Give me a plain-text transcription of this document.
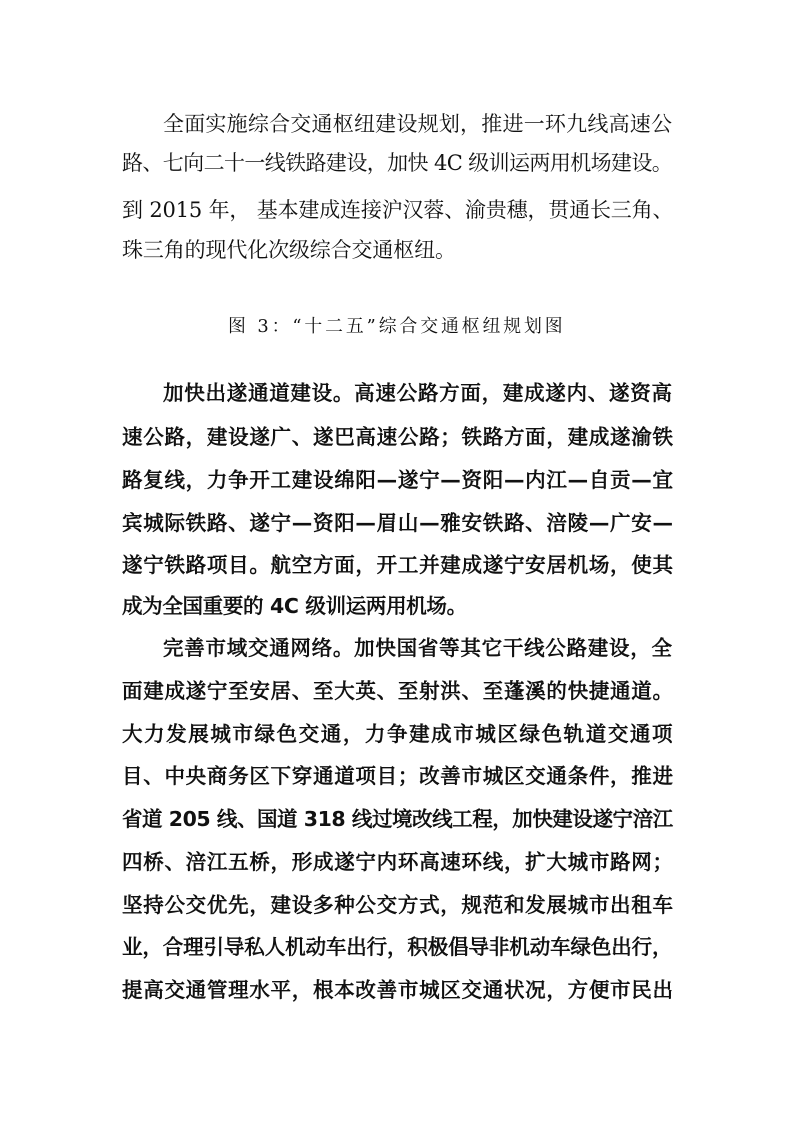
全面实施综合交通枢纽建设规划，推进一环九线高速公
路、七向二十一线铁路建设，加快 4C 级训运两用机场建设。
到 2015 年， 基本建成连接沪汉蓉、渝贵穗，贯通长三角、
珠三角的现代化次级综合交通枢纽。
图 3：“十二五”综合交通枢纽规划图
加快出遂通道建设。高速公路方面，建成遂内、遂资高
速公路，建设遂广、遂巴高速公路；铁路方面，建成遂渝铁
路复线，力争开工建设绵阳—遂宁—资阳—内江—自贡—宜
宾城际铁路、遂宁—资阳—眉山—雅安铁路、涪陵—广安—
遂宁铁路项目。航空方面，开工并建成遂宁安居机场，使其
成为全国重要的 4C 级训运两用机场。
完善市域交通网络。加快国省等其它干线公路建设，全
面建成遂宁至安居、至大英、至射洪、至蓬溪的快捷通道。
大力发展城市绿色交通，力争建成市城区绿色轨道交通项
目、中央商务区下穿通道项目；改善市城区交通条件，推进
省道 205 线、国道 318 线过境改线工程，加快建设遂宁涪江
四桥、涪江五桥，形成遂宁内环高速环线，扩大城市路网；
坚持公交优先，建设多种公交方式，规范和发展城市出租车
业，合理引导私人机动车出行，积极倡导非机动车绿色出行，
提高交通管理水平，根本改善市城区交通状况，方便市民出
